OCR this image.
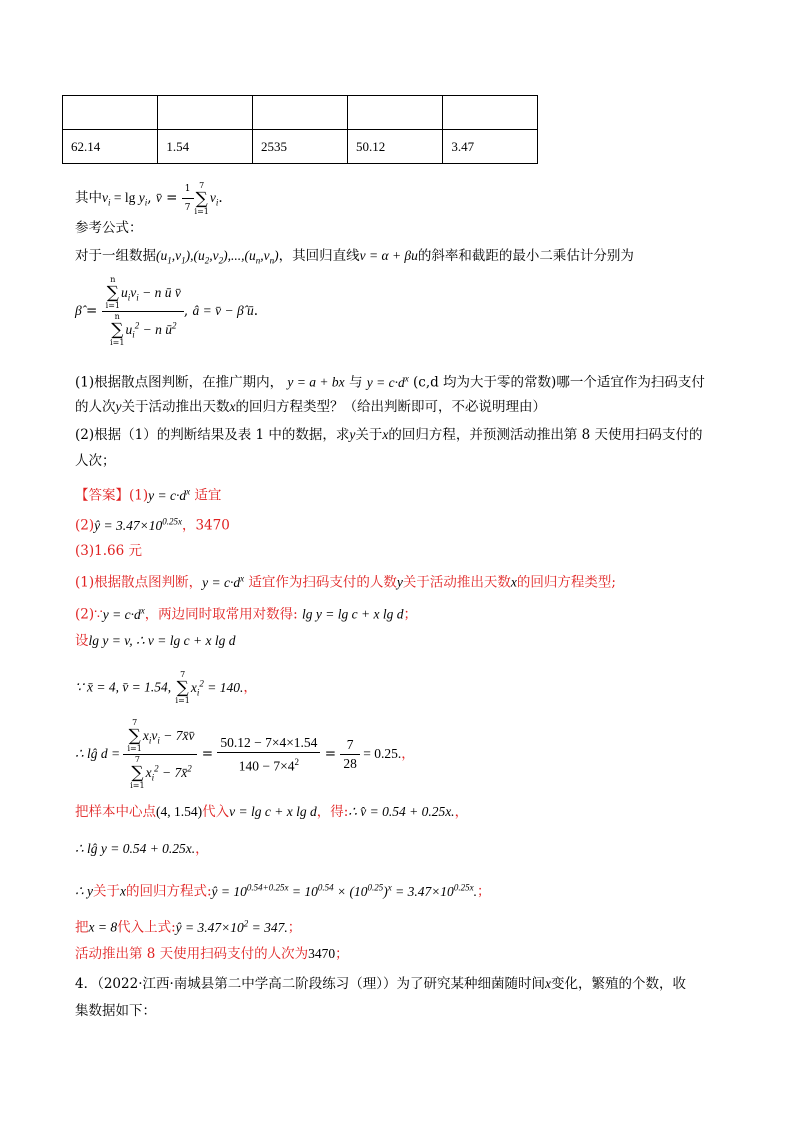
62.14	1.54	2535	50.12	3.47
其中$v_i = \lg y_i$, v̄ = $\frac{1}{7} 7$
∑
i=1
$v_i$.
参考公式：
对于一组数据$(u_1,v_1),(u_2,v_2),...,(u_n,v_n)$，其回归直线v = α + βu的斜率和截距的最小二乘估计分别为
β̂ = n
∑
i=1
$u_iv_i - n$ ū v̄
n
∑
i=1
$u_i^2 - n$ $ū^2$ , â = v̄ − β̂ ū.
(1)根据散点图判断，在推广期内， y = a + bx 与 $y = c\cdot d^x$ (c,d 均为大于零的常数)哪一个适宜作为扫码支付
的人次y关于活动推出天数x的回归方程类型？（给出判断即可，不必说明理由）
(2)根据（1）的判断结果及表 1 中的数据，求y关于x的回归方程，并预测活动推出第 8 天使用扫码支付的
人次；
【答案】$(1)y = c\cdot d^x$ 适宜
(2)ŷ = $3.47\times 10^{0.25x}$，3470
(3)1.66 元
(1)根据散点图判断，$y = c\cdot d^x$ 适宜作为扫码支付的人数y关于活动推出天数x的回归方程类型;
(2)∵y = $c\cdot d^x$，两边同时取常用对数得: lg y = lg c + x lg d；
设lg y = v, ∴ v = lg c + x lg d
∵ x̄ = 4, v̄ = 1.54,
7
∑
i=1
$x_i^2 = 140$.，
∴ lĝ d = 7
∑
i=1
$x_iv_i$ − 7x̄v̄
7
∑
i=1
$x_i^2$ − 7x̄$^2$ = $\frac{50.12 - 7\times 4\times 1.54}{140 - 7\times 4^2} = \frac{7}{28} = 0.25$.，
把样本中心点(4, 1.54)代入v = lg c + x lg d，得:∴ v̂ = 0.54 + 0.25x.，
∴ lĝ y = 0.54 + 0.25x.，
∴ y关于x的回归方程式:ŷ = $10^{0.54+0.25x} = 10^{0.54} \times (10^{0.25})^x = 3.47\times 10^{0.25x}$.；
把x = 8代入上式:ŷ = $3.47\times 10^2 = 347$.；
活动推出第 8 天使用扫码支付的人次为3470；
4．（2022·江西·南城县第二中学高二阶段练习（理））为了研究某种细菌随时间x变化，繁殖的个数，收
集数据如下：
